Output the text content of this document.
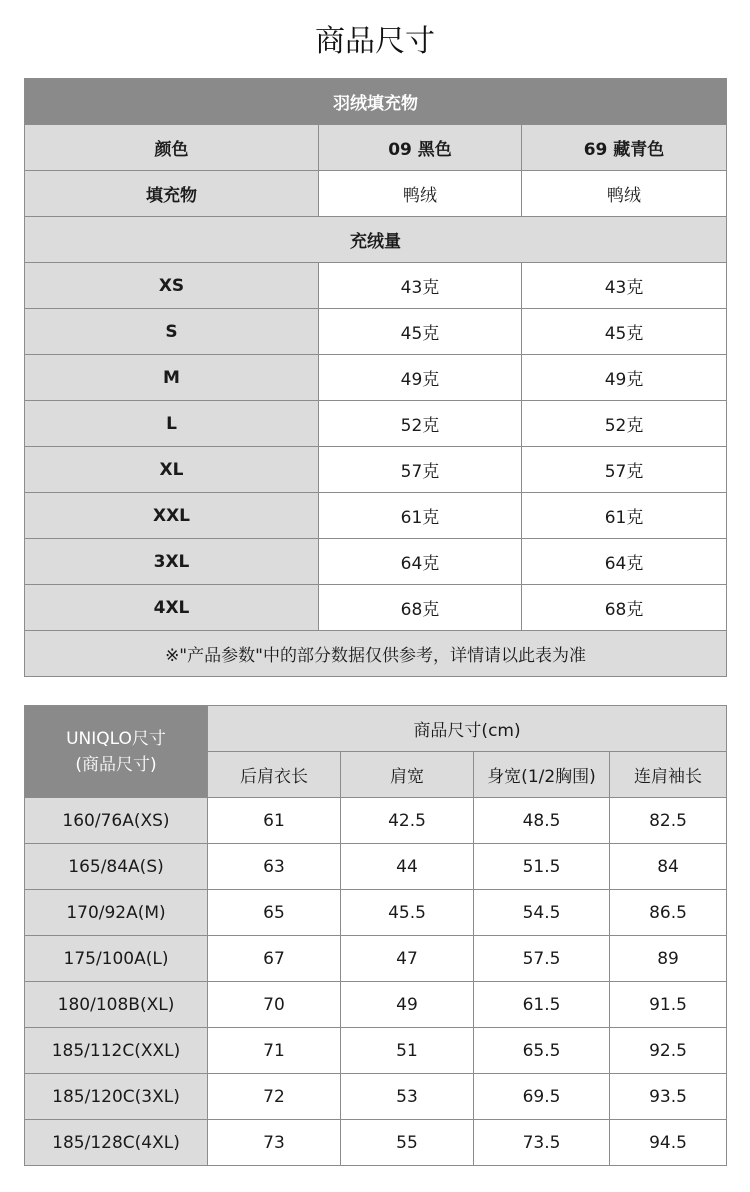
商品尺寸
羽绒填充物		
颜色	09 黑色	69 藏青色
填充物	鸭绒	鸭绒
充绒量		
XS	43克	43克
S	45克	45克
M	49克	49克
L	52克	52克
XL	57克	57克
XXL	61克	61克
3XL	64克	64克
4XL	68克	68克
※"产品参数"中的部分数据仅供参考，详情请以此表为准		
UNIQLO尺寸
(商品尺寸)	商品尺寸(cm)			
	后肩衣长	肩宽	身宽(1/2胸围)	连肩袖长
160/76A(XS)	61	42.5	48.5	82.5
165/84A(S)	63	44	51.5	84
170/92A(M)	65	45.5	54.5	86.5
175/100A(L)	67	47	57.5	89
180/108B(XL)	70	49	61.5	91.5
185/112C(XXL)	71	51	65.5	92.5
185/120C(3XL)	72	53	69.5	93.5
185/128C(4XL)	73	55	73.5	94.5
